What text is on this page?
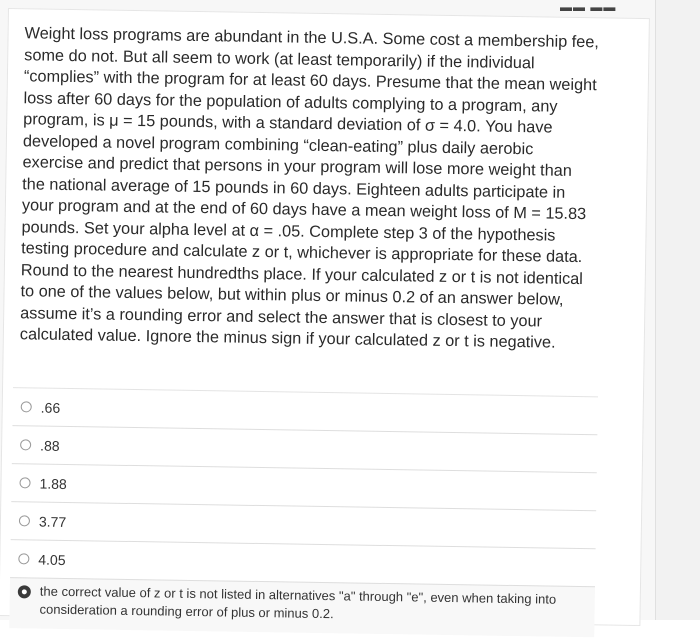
▬▬ ▬▬
Weight loss programs are abundant in the U.S.A. Some cost a membership fee, some do not. But all seem to work (at least temporarily) if the individual “complies” with the program for at least 60 days. Presume that the mean weight loss after 60 days for the population of adults complying to a program, any program, is μ = 15 pounds, with a standard deviation of σ = 4.0. You have developed a novel program combining “clean-eating” plus daily aerobic exercise and predict that persons in your program will lose more weight than the national average of 15 pounds in 60 days. Eighteen adults participate in your program and at the end of 60 days have a mean weight loss of M = 15.83 pounds. Set your alpha level at α = .05. Complete step 3 of the hypothesis testing procedure and calculate z or t, whichever is appropriate for these data. Round to the nearest hundredths place. If your calculated z or t is not identical to one of the values below, but within plus or minus 0.2 of an answer below, assume it’s a rounding error and select the answer that is closest to your calculated value. Ignore the minus sign if your calculated z or t is negative.
.66
.88
1.88
3.77
4.05
the correct value of z or t is not listed in alternatives "a" through "e", even when taking into consideration a rounding error of plus or minus 0.2.
